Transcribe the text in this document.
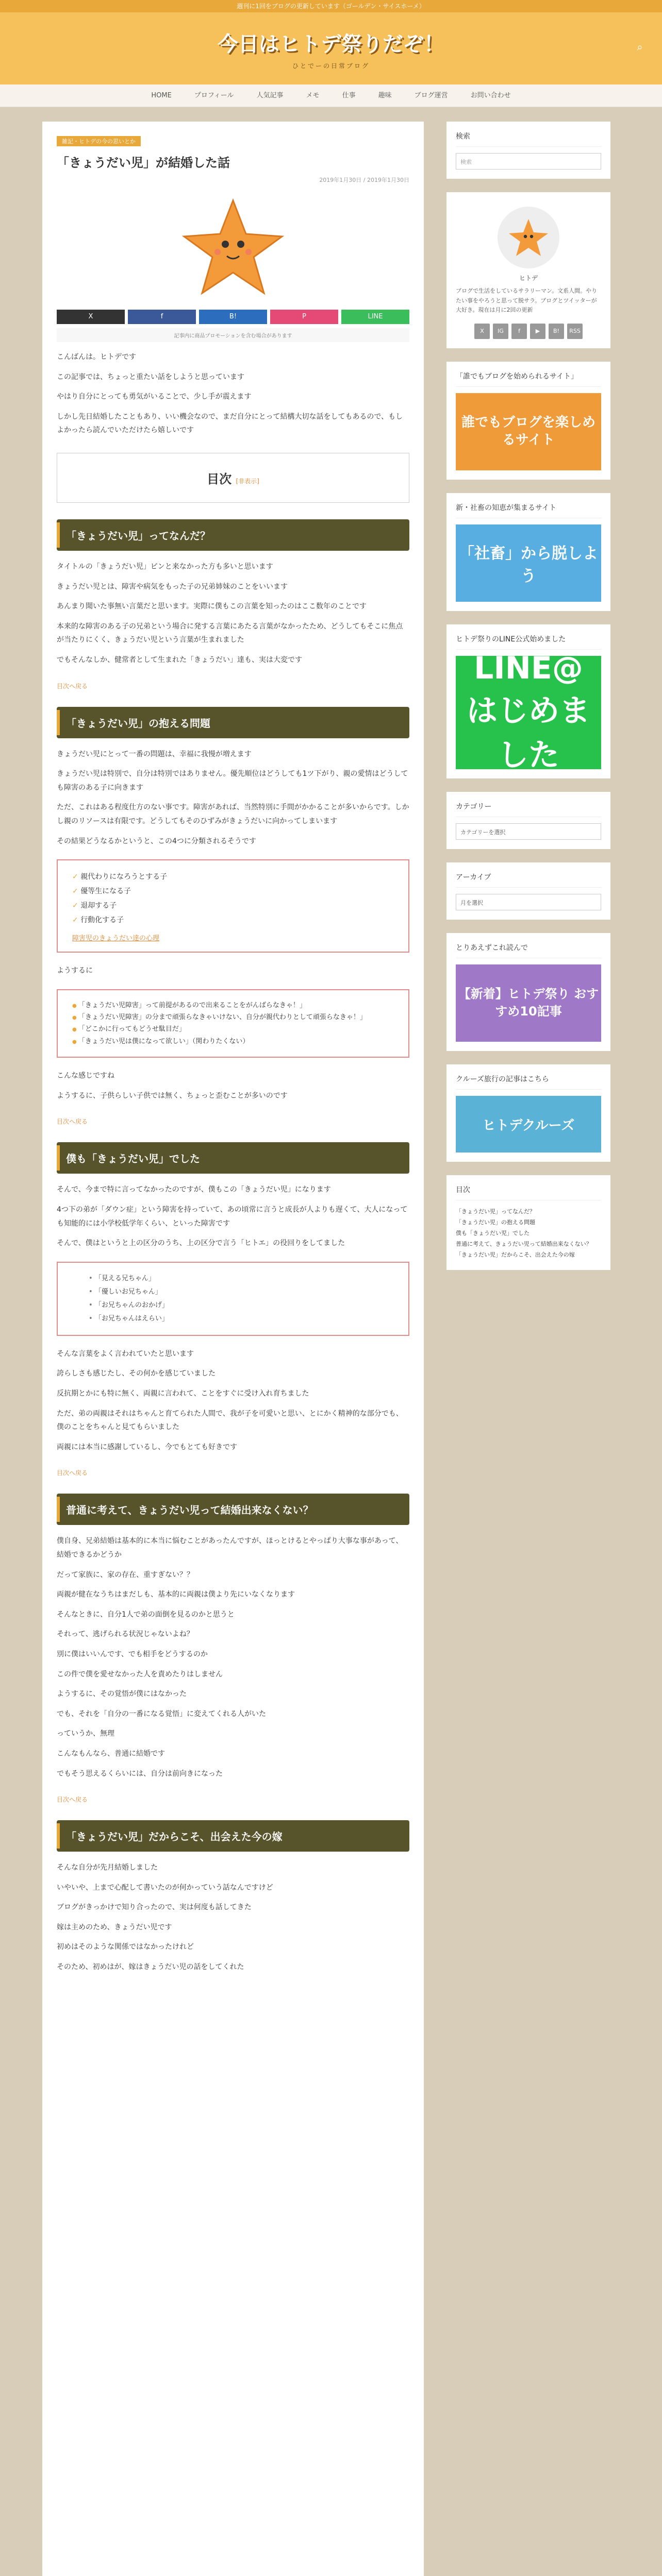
週刊に1回をブログの更新しています（ゴールデン・サイスホーメ）
今日はヒトデ祭りだぞ！
ひとでーの日常ブログ
⌕
HOME	プロフィール	人気記事	メモ	仕事	趣味	ブログ運営	お問い合わせ
雑記・ヒトデの今の思いとか
「きょうだい児」が結婚した話
2019年1月30日 / 2019年1月30日
X	f	B!	P	LINE
記事内に商品プロモーションを含む場合があります

こんばんは。ヒトデです

この記事では、ちょっと重たい話をしようと思っています

やはり自分にとっても勇気がいることで、少し手が震えます

しかし先日結婚したこともあり、いい機会なので、まだ自分にとって結構大切な話をしてもあるので、もしよかったら読んでいただけたら嬉しいです

目次 [非表示]
「きょうだい児」ってなんだ？

タイトルの「きょうだい児」ピンと来なかった方も多いと思います

きょうだい児とは、障害や病気をもった子の兄弟姉妹のことをいいます

あんまり聞いた事無い言葉だと思います。実際に僕もこの言葉を知ったのはここ数年のことです

本来的な障害のある子の兄弟という場合に発する言葉にあたる言葉がなかったため、どうしてもそこに焦点が当たりにくく、きょうだい児という言葉が生まれました

でもそんなしか、健常者として生まれた「きょうだい」達も、実は大変です

目次へ戻る
「きょうだい児」の抱える問題

きょうだい児にとって一番の問題は、幸福に我慢が増えます

きょうだい児は特別で、自分は特別ではありません。優先順位はどうしても1ツ下がり、親の愛情はどうしても障害のある子に向きます

ただ、これはある程度仕方のない事です。障害があれば、当然特別に手間がかかることが多いからです。しかし親のリソースは有限です。どうしてもそのひずみがきょうだいに向かってしまいます

その結果どうなるかというと、この4つに分類されるそうです

✓ 親代わりになろうとする子
✓ 優等生になる子
✓ 退却する子
✓ 行動化する子
障害児のきょうだい達の心理

ようするに

● 「きょうだい児障害」って前提があるので出来ることをがんばらなきゃ！」
● 「きょうだい児障害」の分まで頑張らなきゃいけない、自分が親代わりとして頑張らなきゃ！」
● 「どこかに行ってもどうせ駄目だ」
● 「きょうだい児は僕になって欲しい」（関わりたくない）

こんな感じですね

ようするに、子供らしい子供では無く、ちょっと歪むことが多いのです

目次へ戻る
僕も「きょうだい児」でした

そんで、今まで特に言ってなかったのですが、僕もこの「きょうだい児」になります

4つ下の弟が「ダウン症」という障害を持っていて、あの頃常に言うと成長が人よりも遅くて、大人になっても知能的には小学校低学年くらい、といった障害です

そんで、僕はというと上の区分のうち、上の区分で言う「ヒトエ」の役回りをしてました

• 「見える兄ちゃん」
• 「優しいお兄ちゃん」
• 「お兄ちゃんのおかげ」
• 「お兄ちゃんはえらい」

そんな言葉をよく言われていたと思います

誇らしさも感じたし、その何かを感じていました

反抗期とかにも特に無く、両親に言われて、ことをすぐに受け入れ育ちました

ただ、弟の両親はそれはちゃんと育てられた人間で、我が子を可愛いと思い、とにかく精神的な部分でも、僕のことをちゃんと見てもらいました

両親には本当に感謝しているし、今でもとても好きです

目次へ戻る
普通に考えて、きょうだい児って結婚出来なくない？

僕自身、兄弟結婚は基本的に本当に悩むことがあったんですが、ほっとけるとやっぱり大事な事があって、結婚できるかどうか

だって家族に、家の存在、重すぎない？？

両親が健在なうちはまだしも、基本的に両親は僕より先にいなくなります

そんなときに、自分1人で弟の面倒を見るのかと思うと

それって、逃げられる状況じゃないよね？

別に僕はいいんです、でも相手をどうするのか

この件で僕を愛せなかった人を責めたりはしません

ようするに、その覚悟が僕にはなかった

でも、それを「自分の一番になる覚悟」に変えてくれる人がいた

っていうか、無理

こんなもんなら、普通に結婚です

でもそう思えるくらいには、自分は前向きになった

目次へ戻る
「きょうだい児」だからこそ、出会えた今の嫁

そんな自分が先月結婚しました

いやいや、上まで心配して書いたのが何かっていう話なんですけど

ブログがきっかけで知り合ったので、実は何度も話してきた

嫁は主めのため、きょうだい児です

初めはそのような関係ではなかったけれど

そのため、初めはが、嫁はきょうだい児の話をしてくれた

検索
検索
ヒトデ
ブログで生活をしているサラリーマン。文系人間。やりたい事をやろうと思って脱サラ。ブログとツイッターが大好き。現在は月に2回の更新
X	IG	f	▶	B!	RSS
「誰でもブログを始められるサイト」
誰でもブログを楽しめるサイト
新・社畜の知恵が集まるサイト
「社畜」から脱しよう
ヒトデ祭りのLINE公式始めました
LINE@ はじめました
カテゴリー
カテゴリーを選択
アーカイブ
月を選択
とりあえずこれ読んで
【新着】ヒトデ祭り おすすめ10記事
クルーズ旅行の記事はこちら
ヒトデクルーズ
目次
「きょうだい児」ってなんだ？
「きょうだい児」の抱える問題
僕も「きょうだい児」でした
普通に考えて、きょうだい児って結婚出来なくない？
「きょうだい児」だからこそ、出会えた今の嫁
